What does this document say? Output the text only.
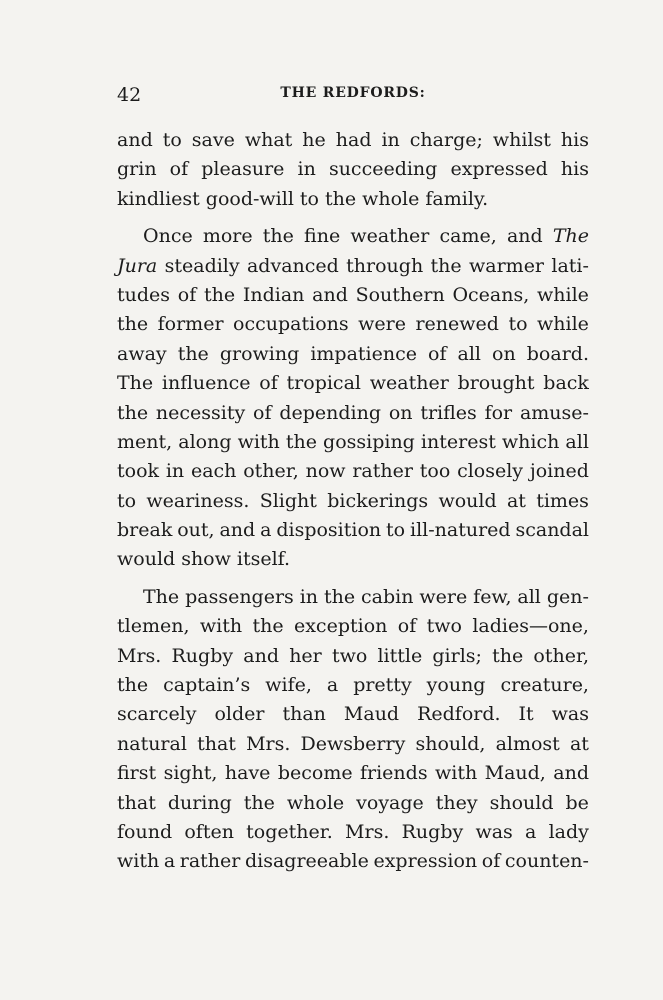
42	THE REDFORDS:
and to save what he had in charge; whilst his
grin of pleasure in succeeding expressed his
kindliest good-will to the whole family.
Once more the fine weather came, and The
Jura steadily advanced through the warmer lati-
tudes of the Indian and Southern Oceans, while
the former occupations were renewed to while
away the growing impatience of all on board.
The influence of tropical weather brought back
the necessity of depending on trifles for amuse-
ment, along with the gossiping interest which all
took in each other, now rather too closely joined
to weariness. Slight bickerings would at times
break out, and a disposition to ill-natured scandal
would show itself.
The passengers in the cabin were few, all gen-
tlemen, with the exception of two ladies—one,
Mrs. Rugby and her two little girls; the other,
the captain’s wife, a pretty young creature,
scarcely older than Maud Redford. It was
natural that Mrs. Dewsberry should, almost at
first sight, have become friends with Maud, and
that during the whole voyage they should be
found often together. Mrs. Rugby was a lady
with a rather disagreeable expression of counten-
